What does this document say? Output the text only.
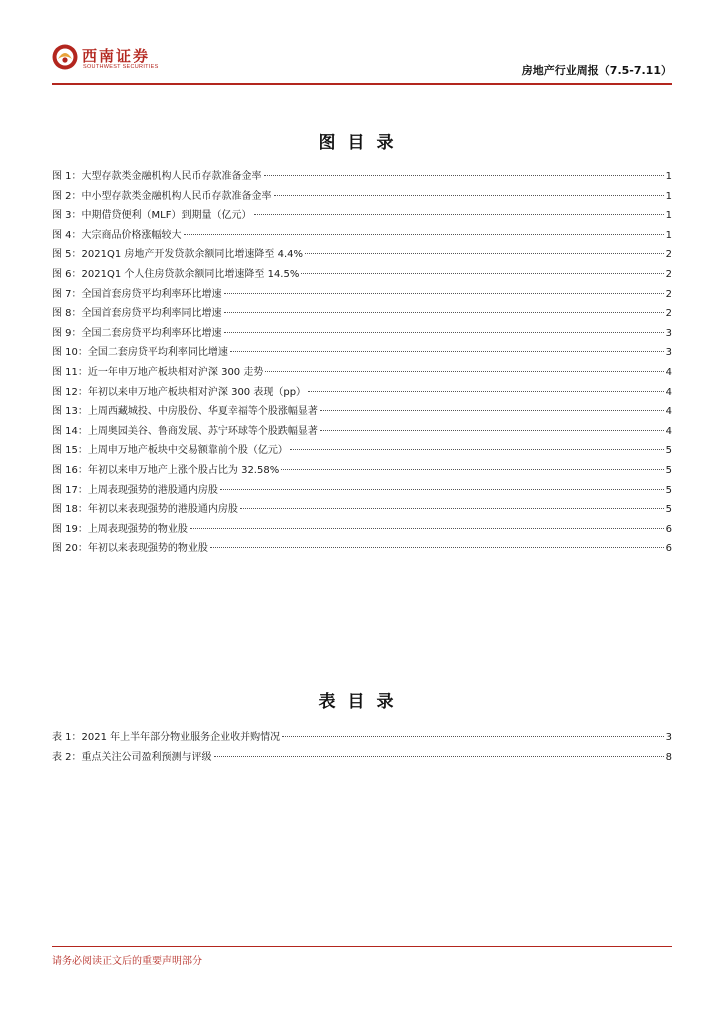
西南证券
SOUTHWEST SECURITIES	房地产行业周报（7.5-7.11）
图目录
图 1：大型存款类金融机构人民币存款准备金率	1
图 2：中小型存款类金融机构人民币存款准备金率	1
图 3：中期借贷便利（MLF）到期量（亿元）	1
图 4：大宗商品价格涨幅较大	1
图 5：2021Q1 房地产开发贷款余额同比增速降至 4.4%	2
图 6：2021Q1 个人住房贷款余额同比增速降至 14.5%	2
图 7：全国首套房贷平均利率环比增速	2
图 8：全国首套房贷平均利率同比增速	2
图 9：全国二套房贷平均利率环比增速	3
图 10：全国二套房贷平均利率同比增速	3
图 11：近一年申万地产板块相对沪深 300 走势	4
图 12：年初以来申万地产板块相对沪深 300 表现（pp）	4
图 13：上周西藏城投、中房股份、华夏幸福等个股涨幅显著	4
图 14：上周奥园美谷、鲁商发展、苏宁环球等个股跌幅显著	4
图 15：上周申万地产板块中交易额靠前个股（亿元）	5
图 16：年初以来申万地产上涨个股占比为 32.58%	5
图 17：上周表现强势的港股通内房股	5
图 18：年初以来表现强势的港股通内房股	5
图 19：上周表现强势的物业股	6
图 20：年初以来表现强势的物业股	6
表目录
表 1：2021 年上半年部分物业服务企业收并购情况	3
表 2：重点关注公司盈利预测与评级	8
请务必阅读正文后的重要声明部分
